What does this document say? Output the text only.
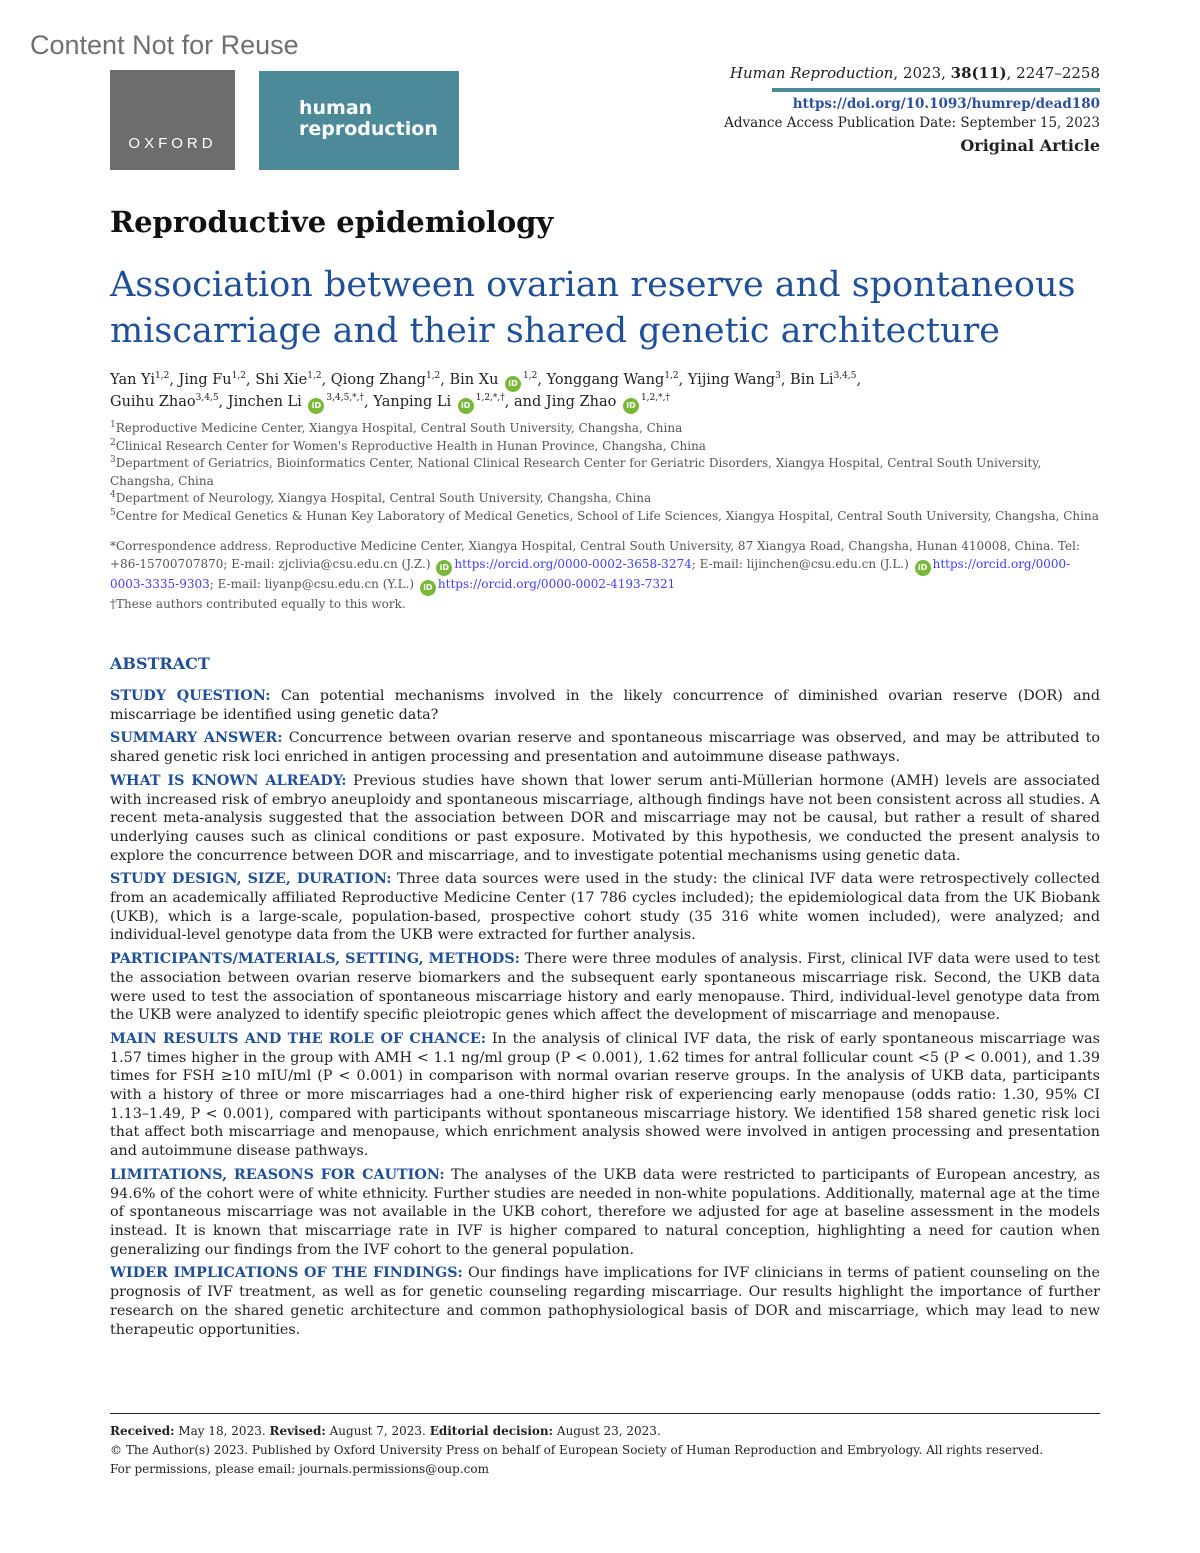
Content Not for Reuse
OXFORD
human
reproduction
Human Reproduction, 2023, 38(11), 2247–2258
https://doi.org/10.1093/humrep/dead180
Advance Access Publication Date: September 15, 2023
Original Article
Reproductive epidemiology
Association between ovarian reserve and spontaneous miscarriage and their shared genetic architecture
Yan Yi$^{1,2}$, Jing Fu$^{1,2}$, Shi Xie$^{1,2}$, Qiong Zhang$^{1,2}$, Bin Xu iD$^{1,2}$, Yonggang Wang$^{1,2}$, Yijing Wang$^3$, Bin Li$^{3,4,5}$,
Guihu Zhao$^{3,4,5}$, Jinchen Li $iD^{3,4,5,*,\dagger}$, Yanping Li $iD^{1,2,*,\dagger}$, and Jing Zhao $iD^{1,2,*,\dagger}$
$^1$Reproductive Medicine Center, Xiangya Hospital, Central South University, Changsha, China
$^2$Clinical Research Center for Women's Reproductive Health in Hunan Province, Changsha, China
$^3$Department of Geriatrics, Bioinformatics Center, National Clinical Research Center for Geriatric Disorders, Xiangya Hospital, Central South University, Changsha, China
$^4$Department of Neurology, Xiangya Hospital, Central South University, Changsha, China
$^5$Centre for Medical Genetics & Hunan Key Laboratory of Medical Genetics, School of Life Sciences, Xiangya Hospital, Central South University, Changsha, China
*Correspondence address. Reproductive Medicine Center, Xiangya Hospital, Central South University, 87 Xiangya Road, Changsha, Hunan 410008, China. Tel: +86-15700707870; E-mail: zjclivia@csu.edu.cn (J.Z.) iD https://orcid.org/0000-0002-3658-3274; E-mail: lijinchen@csu.edu.cn (J.L.) iD https://orcid.org/0000-0003-3335-9303; E-mail: liyanp@csu.edu.cn (Y.L.) iD https://orcid.org/0000-0002-4193-7321
†These authors contributed equally to this work.
ABSTRACT

STUDY QUESTION: Can potential mechanisms involved in the likely concurrence of diminished ovarian reserve (DOR) and miscarriage be identified using genetic data?

SUMMARY ANSWER: Concurrence between ovarian reserve and spontaneous miscarriage was observed, and may be attributed to shared genetic risk loci enriched in antigen processing and presentation and autoimmune disease pathways.

WHAT IS KNOWN ALREADY: Previous studies have shown that lower serum anti-Müllerian hormone (AMH) levels are associated with increased risk of embryo aneuploidy and spontaneous miscarriage, although findings have not been consistent across all studies. A recent meta-analysis suggested that the association between DOR and miscarriage may not be causal, but rather a result of shared underlying causes such as clinical conditions or past exposure. Motivated by this hypothesis, we conducted the present analysis to explore the concurrence between DOR and miscarriage, and to investigate potential mechanisms using genetic data.

STUDY DESIGN, SIZE, DURATION: Three data sources were used in the study: the clinical IVF data were retrospectively collected from an academically affiliated Reproductive Medicine Center (17 786 cycles included); the epidemiological data from the UK Biobank (UKB), which is a large-scale, population-based, prospective cohort study (35 316 white women included), were analyzed; and individual-level genotype data from the UKB were extracted for further analysis.

PARTICIPANTS/MATERIALS, SETTING, METHODS: There were three modules of analysis. First, clinical IVF data were used to test the association between ovarian reserve biomarkers and the subsequent early spontaneous miscarriage risk. Second, the UKB data were used to test the association of spontaneous miscarriage history and early menopause. Third, individual-level genotype data from the UKB were analyzed to identify specific pleiotropic genes which affect the development of miscarriage and menopause.

MAIN RESULTS AND THE ROLE OF CHANCE: In the analysis of clinical IVF data, the risk of early spontaneous miscarriage was 1.57 times higher in the group with AMH < 1.1 ng/ml group (P < 0.001), 1.62 times for antral follicular count <5 (P < 0.001), and 1.39 times for FSH ≥10 mIU/ml (P < 0.001) in comparison with normal ovarian reserve groups. In the analysis of UKB data, participants with a history of three or more miscarriages had a one-third higher risk of experiencing early menopause (odds ratio: 1.30, 95% CI 1.13–1.49, P < 0.001), compared with participants without spontaneous miscarriage history. We identified 158 shared genetic risk loci that affect both miscarriage and menopause, which enrichment analysis showed were involved in antigen processing and presentation and autoimmune disease pathways.

LIMITATIONS, REASONS FOR CAUTION: The analyses of the UKB data were restricted to participants of European ancestry, as 94.6% of the cohort were of white ethnicity. Further studies are needed in non-white populations. Additionally, maternal age at the time of spontaneous miscarriage was not available in the UKB cohort, therefore we adjusted for age at baseline assessment in the models instead. It is known that miscarriage rate in IVF is higher compared to natural conception, highlighting a need for caution when generalizing our findings from the IVF cohort to the general population.

WIDER IMPLICATIONS OF THE FINDINGS: Our findings have implications for IVF clinicians in terms of patient counseling on the prognosis of IVF treatment, as well as for genetic counseling regarding miscarriage. Our results highlight the importance of further research on the shared genetic architecture and common pathophysiological basis of DOR and miscarriage, which may lead to new therapeutic opportunities.

Received: May 18, 2023. Revised: August 7, 2023. Editorial decision: August 23, 2023.
© The Author(s) 2023. Published by Oxford University Press on behalf of European Society of Human Reproduction and Embryology. All rights reserved.
For permissions, please email: journals.permissions@oup.com
